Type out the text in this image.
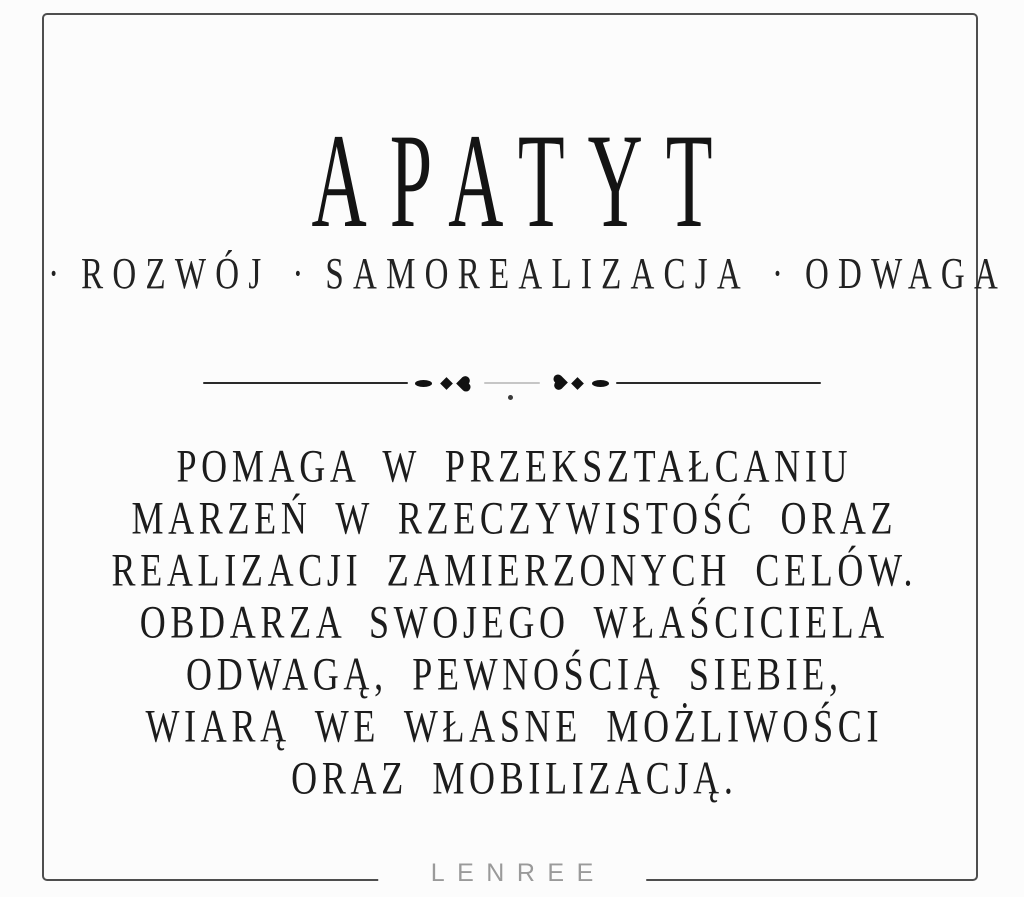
APATYT
· ROZWÓJ · SAMOREALIZACJA · ODWAGA
POMAGA W PRZEKSZTAŁCANIU
MARZEŃ W RZECZYWISTOŚĆ ORAZ
REALIZACJI ZAMIERZONYCH CELÓW.
OBDARZA SWOJEGO WŁAŚCICIELA
ODWAGĄ, PEWNOŚCIĄ SIEBIE,
WIARĄ WE WŁASNE MOŻLIWOŚCI
ORAZ MOBILIZACJĄ.
LENREE
